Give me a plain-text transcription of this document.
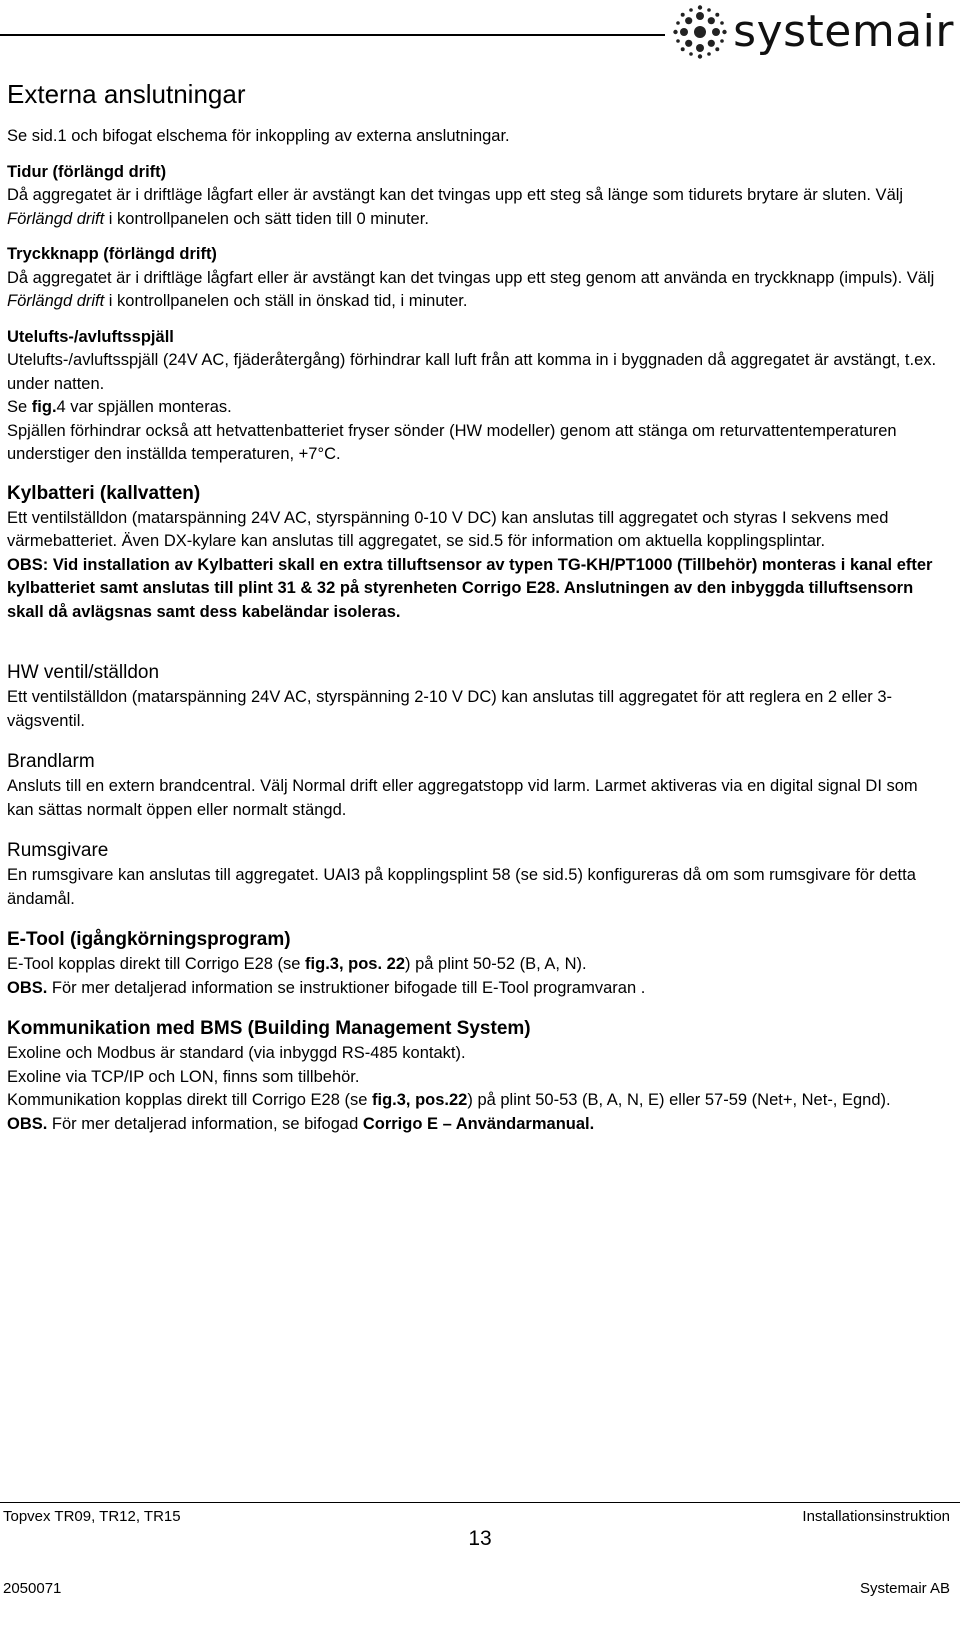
systemair
Externa anslutningar

Se sid.1 och bifogat elschema för inkoppling av externa anslutningar.

Tidur (förlängd drift)

Då aggregatet är i driftläge lågfart eller är avstängt kan det tvingas upp ett steg så länge som tidurets brytare är sluten. Välj Förlängd drift i kontrollpanelen och sätt tiden till 0 minuter.

Tryckknapp (förlängd drift)

Då aggregatet är i driftläge lågfart eller är avstängt kan det tvingas upp ett steg genom att använda en tryckknapp (impuls). Välj Förlängd drift i kontrollpanelen och ställ in önskad tid, i minuter.

Utelufts-/avluftsspjäll

Utelufts-/avluftsspjäll (24V AC, fjäderåtergång) förhindrar kall luft från att komma in i byggnaden då aggregatet är avstängt, t.ex. under natten.

Se fig.4 var spjällen monteras.

Spjällen förhindrar också att hetvattenbatteriet fryser sönder (HW modeller) genom att stänga om returvattentemperaturen understiger den inställda temperaturen, +7°C.

Kylbatteri (kallvatten)

Ett ventilställdon (matarspänning 24V AC, styrspänning 0-10 V DC) kan anslutas till aggregatet och styras I sekvens med värmebatteriet. Även DX-kylare kan anslutas till aggregatet, se sid.5 för information om aktuella kopplingsplintar.

OBS: Vid installation av Kylbatteri skall en extra tilluftsensor av typen TG-KH/PT1000 (Tillbehör) monteras i kanal efter kylbatteriet samt anslutas till plint 31 & 32 på styrenheten Corrigo E28. Anslutningen av den inbyggda tilluftsensorn skall då avlägsnas samt dess kabeländar isoleras.

HW ventil/ställdon

Ett ventilställdon (matarspänning 24V AC, styrspänning 2-10 V DC) kan anslutas till aggregatet för att reglera en 2 eller 3-vägsventil.

Brandlarm

Ansluts till en extern brandcentral. Välj Normal drift eller aggregatstopp vid larm. Larmet aktiveras via en digital signal DI som kan sättas normalt öppen eller normalt stängd.

Rumsgivare

En rumsgivare kan anslutas till aggregatet. UAI3 på kopplingsplint 58 (se sid.5) konfigureras då om som rumsgivare för detta ändamål.

E-Tool (igångkörningsprogram)

E-Tool kopplas direkt till Corrigo E28 (se fig.3, pos. 22) på plint 50-52 (B, A, N).

OBS. För mer detaljerad information se instruktioner bifogade till E-Tool programvaran .

Kommunikation med BMS (Building Management System)

Exoline och Modbus är standard (via inbyggd RS-485 kontakt).

Exoline via TCP/IP och LON, finns som tillbehör.

Kommunikation kopplas direkt till Corrigo E28 (se fig.3, pos.22) på plint 50-53 (B, A, N, E) eller 57-59 (Net+, Net-, Egnd).

OBS. För mer detaljerad information, se bifogad Corrigo E – Användarmanual.

Topvex TR09, TR12, TR15	Installationsinstruktion
13
2050071	Systemair AB
